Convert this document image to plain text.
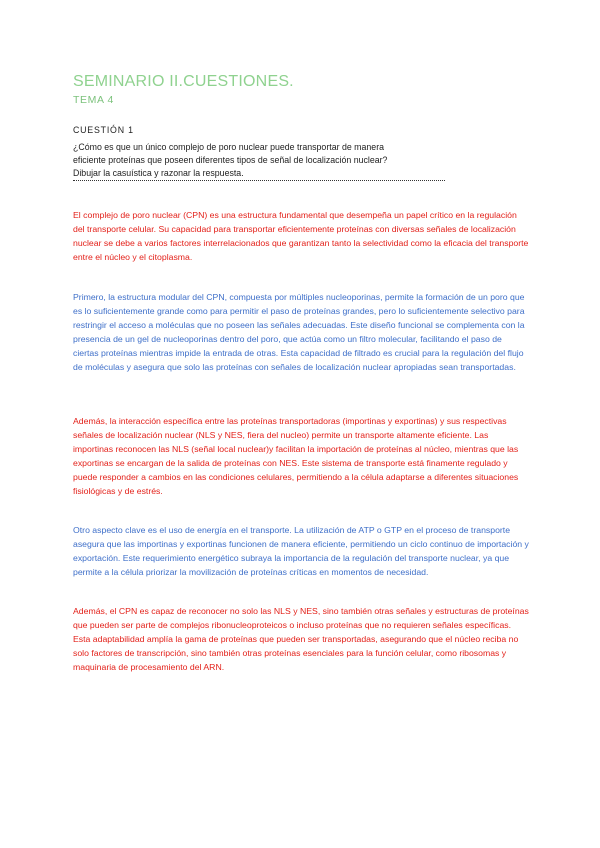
SEMINARIO II.CUESTIONES.
TEMA 4
CUESTIÓN 1
¿Cómo es que un único complejo de poro nuclear puede transportar de manera
eficiente proteínas que poseen diferentes tipos de señal de localización nuclear?
Dibujar la casuística y razonar la respuesta.

El complejo de poro nuclear (CPN) es una estructura fundamental que desempeña un papel crítico en la regulación del transporte celular. Su capacidad para transportar eficientemente proteínas con diversas señales de localización nuclear se debe a varios factores interrelacionados que garantizan tanto la selectividad como la eficacia del transporte entre el núcleo y el citoplasma.

Primero, la estructura modular del CPN, compuesta por múltiples nucleoporinas, permite la formación de un poro que es lo suficientemente grande como para permitir el paso de proteínas grandes, pero lo suficientemente selectivo para restringir el acceso a moléculas que no poseen las señales adecuadas. Este diseño funcional se complementa con la presencia de un gel de nucleoporinas dentro del poro, que actúa como un filtro molecular, facilitando el paso de ciertas proteínas mientras impide la entrada de otras. Esta capacidad de filtrado es crucial para la regulación del flujo de moléculas y asegura que solo las proteínas con señales de localización nuclear apropiadas sean transportadas.

Además, la interacción específica entre las proteínas transportadoras (importinas y exportinas) y sus respectivas señales de localización nuclear (NLS y NES, fiera del nucleo) permite un transporte altamente eficiente. Las importinas reconocen las NLS (señal local nuclear)y facilitan la importación de proteínas al núcleo, mientras que las exportinas se encargan de la salida de proteínas con NES. Este sistema de transporte está finamente regulado y puede responder a cambios en las condiciones celulares, permitiendo a la célula adaptarse a diferentes situaciones fisiológicas y de estrés.

Otro aspecto clave es el uso de energía en el transporte. La utilización de ATP o GTP en el proceso de transporte asegura que las importinas y exportinas funcionen de manera eficiente, permitiendo un ciclo continuo de importación y exportación. Este requerimiento energético subraya la importancia de la regulación del transporte nuclear, ya que permite a la célula priorizar la movilización de proteínas críticas en momentos de necesidad.

Además, el CPN es capaz de reconocer no solo las NLS y NES, sino también otras señales y estructuras de proteínas que pueden ser parte de complejos ribonucleoproteicos o incluso proteínas que no requieren señales específicas. Esta adaptabilidad amplía la gama de proteínas que pueden ser transportadas, asegurando que el núcleo reciba no solo factores de transcripción, sino también otras proteínas esenciales para la función celular, como ribosomas y maquinaria de procesamiento del ARN.
